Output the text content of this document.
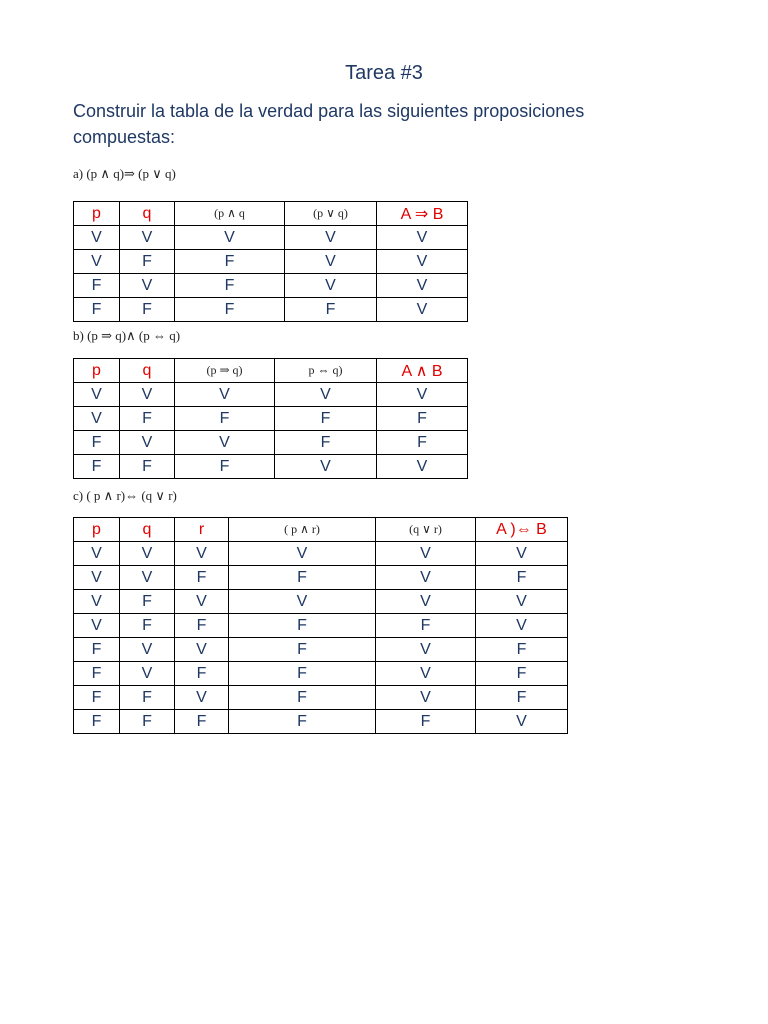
Tarea #3
Construir la tabla de la verdad para las siguientes proposiciones compuestas:
a) (p ∧ q)⇒ (p ∨ q)
p	q	(p ∧ q	(p ∨ q)	A ⇒ B
V	V	V	V	V
V	F	F	V	V
F	V	F	V	V
F	F	F	F	V
b) (p ⇒ q)∧ (p ⇔ q)
p	q	(p ⇒ q)	p ⇔ q)	A ∧ B
V	V	V	V	V
V	F	F	F	F
F	V	V	F	F
F	F	F	V	V
c) ( p ∧ r)⇔ (q ∨ r)
p	q	r	( p ∧ r)	(q ∨ r)	A )⇔ B
V	V	V	V	V	V
V	V	F	F	V	F
V	F	V	V	V	V
V	F	F	F	F	V
F	V	V	F	V	F
F	V	F	F	V	F
F	F	V	F	V	F
F	F	F	F	F	V
